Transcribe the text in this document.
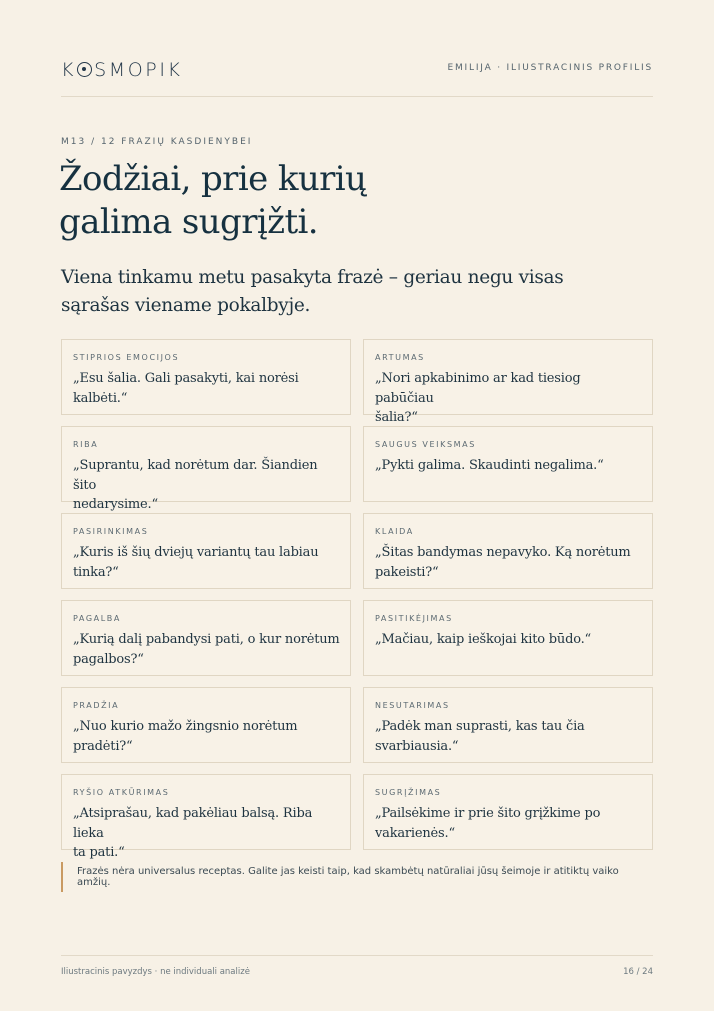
K SMOPIK	EMILIJA · ILIUSTRACINIS PROFILIS
M13 / 12 FRAZIŲ KASDIENYBEI
Žodžiai, prie kurių
galima sugrįžti.

Viena tinkamu metu pasakyta frazė – geriau negu visas
sąrašas viename pokalbyje.

STIPRIOS EMOCIJOS

„Esu šalia. Gali pasakyti, kai norėsi
kalbėti.“

ARTUMAS

„Nori apkabinimo ar kad tiesiog pabūčiau
šalia?“

RIBA

„Suprantu, kad norėtum dar. Šiandien šito
nedarysime.“

SAUGUS VEIKSMAS

„Pykti galima. Skaudinti negalima.“

PASIRINKIMAS

„Kuris iš šių dviejų variantų tau labiau
tinka?“

KLAIDA

„Šitas bandymas nepavyko. Ką norėtum
pakeisti?“

PAGALBA

„Kurią dalį pabandysi pati, o kur norėtum
pagalbos?“

PASITIKĖJIMAS

„Mačiau, kaip ieškojai kito būdo.“

PRADŽIA

„Nuo kurio mažo žingsnio norėtum
pradėti?“

NESUTARIMAS

„Padėk man suprasti, kas tau čia
svarbiausia.“

RYŠIO ATKŪRIMAS

„Atsiprašau, kad pakėliau balsą. Riba lieka
ta pati.“

SUGRĮŽIMAS

„Pailsėkime ir prie šito grįžkime po
vakarienės.“

Frazės nėra universalus receptas. Galite jas keisti taip, kad skambėtų natūraliai jūsų šeimoje ir atitiktų vaiko amžių.
Iliustracinis pavyzdys · ne individuali analizė	16 / 24
